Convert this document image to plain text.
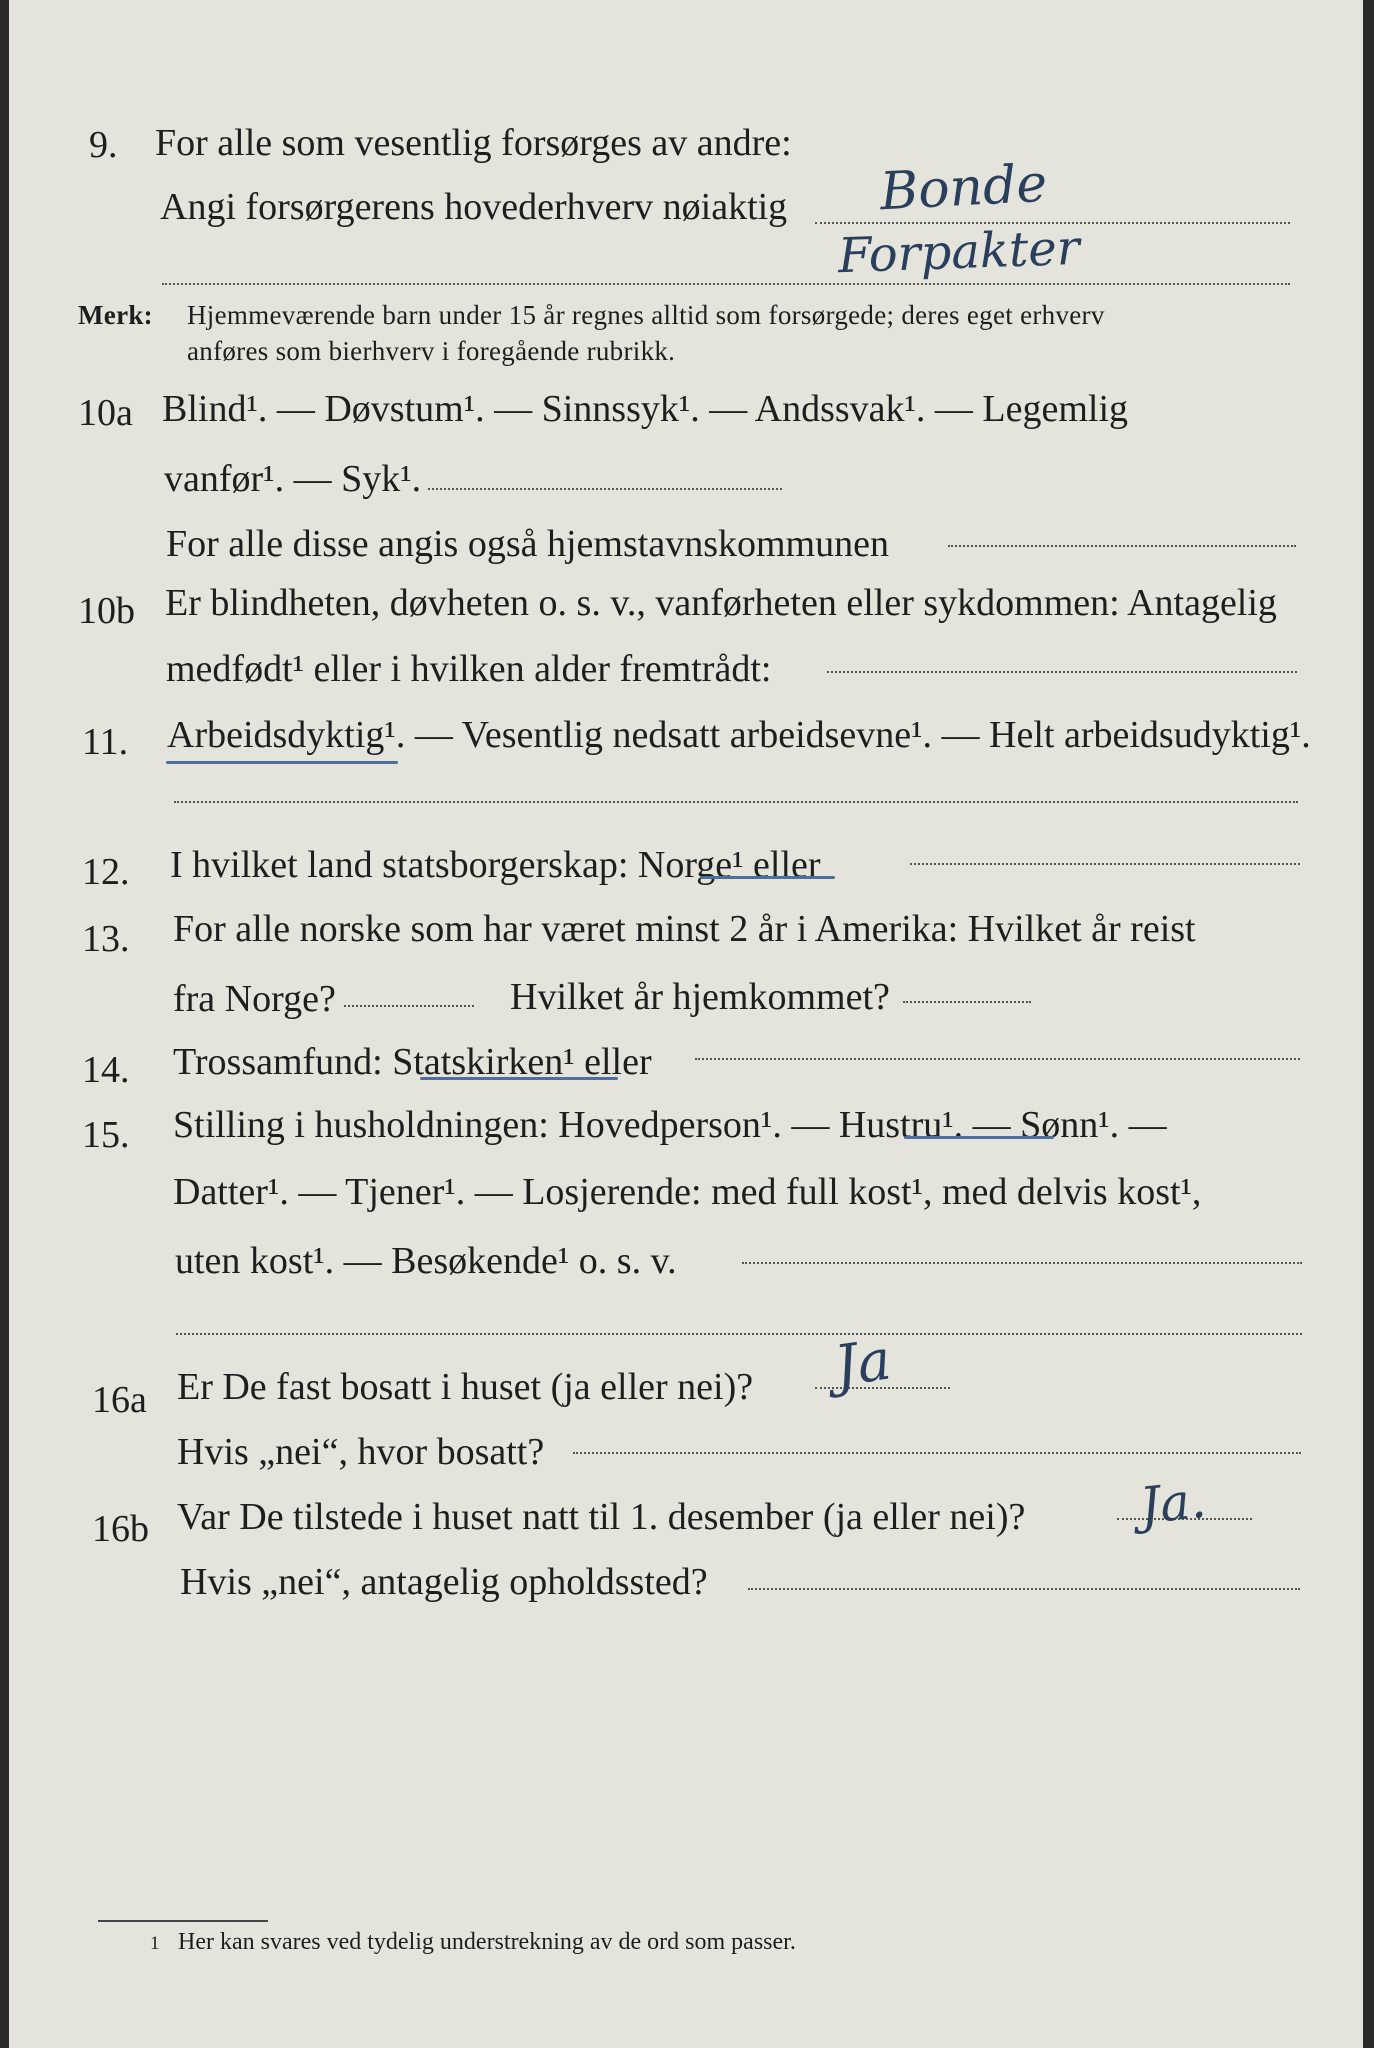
9. For alle som vesentlig forsørges av andre:
Angi forsørgerens hovederhverv nøiaktig Bonde
Forpakter
Merk: Hjemmeværende barn under 15 år regnes alltid som forsørgede; deres eget erhverv
anføres som bierhverv i foregående rubrikk.
10a Blind¹. — Døvstum¹. — Sinnssyk¹. — Andssvak¹. — Legemlig
vanfør¹. — Syk¹.
For alle disse angis også hjemstavnskommunen
10b Er blindheten, døvheten o. s. v., vanførheten eller sykdommen: Antagelig
medfødt¹ eller i hvilken alder fremtrådt:
11. Arbeidsdyktig¹. — Vesentlig nedsatt arbeidsevne¹. — Helt arbeidsudyktig¹.
12. I hvilket land statsborgerskap: Norge¹ eller
13. For alle norske som har været minst 2 år i Amerika: Hvilket år reist
fra Norge?	Hvilket år hjemkommet?
14. Trossamfund: Statskirken¹ eller
15. Stilling i husholdningen: Hovedperson¹. — Hustru¹. — Sønn¹. —
Datter¹. — Tjener¹. — Losjerende: med full kost¹, med delvis kost¹,
uten kost¹. — Besøkende¹ o. s. v.
16a Er De fast bosatt i huset (ja eller nei)? Ja
Hvis „nei“, hvor bosatt?
16b Var De tilstede i huset natt til 1. desember (ja eller nei)? Ja.
Hvis „nei“, antagelig opholdssted?
1 Her kan svares ved tydelig understrekning av de ord som passer.
